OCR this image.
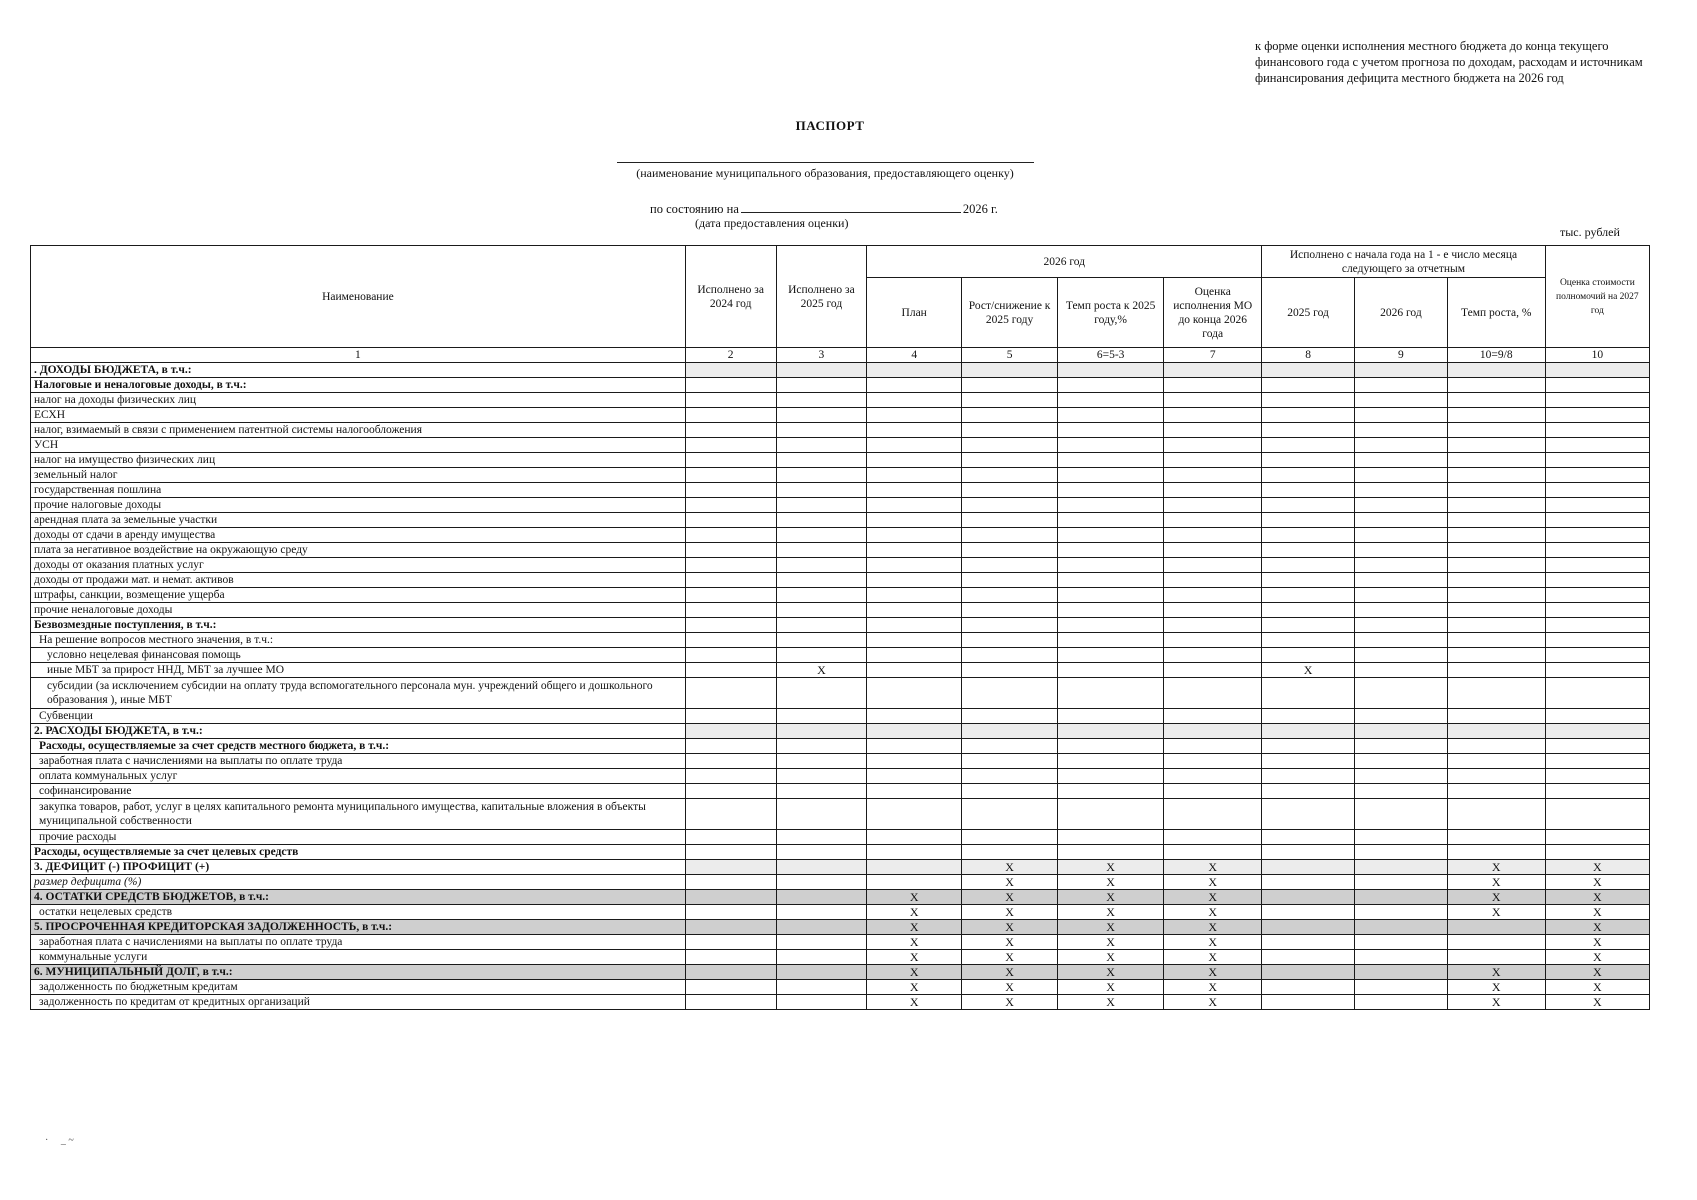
к форме оценки исполнения местного бюджета до конца текущего финансового года с учетом прогноза по доходам, расходам и источникам финансирования дефицита местного бюджета на 2026 год
ПАСПОРТ
(наименование муниципального образования, предоставляющего оценку)
по состоянию на	2026 г.
(дата предоставления оценки)
тыс. рублей
Наименование	Исполнено за 2024 год	Исполнено за 2025 год	2026 год				Исполнено с начала года на 1 - е число месяца следующего за отчетным			Оценка стоимости полномочий на 2027 год
			План	Рост/снижение к 2025 году	Темп роста к 2025 году,%	Оценка исполнения МО до конца 2026 года	2025 год	2026 год	Темп роста, %	
1	2	3	4	5	6=5-3	7	8	9	10=9/8	10
. ДОХОДЫ БЮДЖЕТА, в т.ч.:										
Налоговые и неналоговые доходы, в т.ч.:										
налог на доходы физических лиц										
ЕСХН										
налог, взимаемый в связи с применением патентной системы налогообложения										
УСН										
налог на имущество физических лиц										
земельный налог										
государственная пошлина										
прочие налоговые доходы										
арендная плата за земельные участки										
доходы от сдачи в аренду имущества										
плата за негативное воздействие на окружающую среду										
доходы от оказания платных услуг										
доходы от продажи мат. и немат. активов										
штрафы, санкции, возмещение ущерба										
прочие неналоговые доходы										
Безвозмездные поступления, в т.ч.:										
На решение вопросов местного значения, в т.ч.:										
условно нецелевая финансовая помощь										
иные МБТ за прирост ННД, МБТ за лучшее МО		X					X			
субсидии (за исключением субсидии на оплату труда вспомогательного персонала мун. учреждений общего и дошкольного образования ), иные МБТ										
Субвенции										
2. РАСХОДЫ БЮДЖЕТА, в т.ч.:										
Расходы, осуществляемые за счет средств местного бюджета, в т.ч.:										
заработная плата с начислениями на выплаты по оплате труда										
оплата коммунальных услуг										
софинансирование										
закупка товаров, работ, услуг в целях капитального ремонта муниципального имущества, капитальные вложения в объекты муниципальной собственности										
прочие расходы										
Расходы, осуществляемые за счет целевых средств										
3. ДЕФИЦИТ (-) ПРОФИЦИТ (+)				X	X	X			X	X
размер дефицита (%)				X	X	X			X	X
4. ОСТАТКИ СРЕДСТВ БЮДЖЕТОВ, в т.ч.:			X	X	X	X			X	X
остатки нецелевых средств			X	X	X	X			X	X
5. ПРОСРОЧЕННАЯ КРЕДИТОРСКАЯ ЗАДОЛЖЕННОСТЬ, в т.ч.:			X	X	X	X				X
заработная плата с начислениями на выплаты по оплате труда			X	X	X	X				X
коммунальные услуги			X	X	X	X				X
6. МУНИЦИПАЛЬНЫЙ ДОЛГ, в т.ч.:			X	X	X	X			X	X
задолженность по бюджетным кредитам			X	X	X	X			X	X
задолженность по кредитам от кредитных организаций			X	X	X	X			X	X
·     _ ~
